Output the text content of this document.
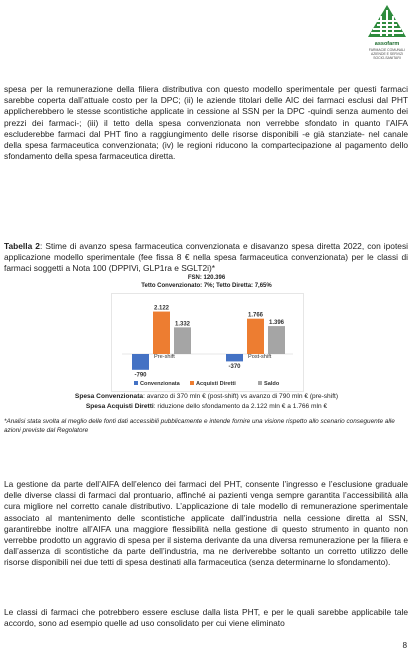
assofarm
FARMACIE COMUNALI
AZIENDE E SERVIZI
SOCIO-SANITARI

spesa per la remunerazione della filiera distributiva con questo modello sperimentale per questi farmaci sarebbe coperta dall’attuale costo per la DPC; (ii) le aziende titolari delle AIC dei farmaci esclusi dal PHT applicherebbero le stesse scontistiche applicate in cessione al SSN per la DPC -quindi senza aumento dei prezzi dei farmaci-; (iii) il tetto della spesa convenzionata non verrebbe sfondato in quanto l’AIFA escluderebbe farmaci dal PHT fino a raggiungimento delle risorse disponibili -e già stanziate- nel canale della spesa farmaceutica convenzionata; (iv) le regioni riducono la compartecipazione al pagamento dello sfondamento della spesa farmaceutica diretta.

Tabella 2: Stime di avanzo spesa farmaceutica convenzionata e disavanzo spesa diretta 2022, con ipotesi applicazione modello sperimentale (fee fissa 8 € nella spesa farmaceutica convenzionata) per le classi di farmaci soggetti a Nota 100 (DPPIVi, GLP1ra e SGLT2i)*

FSN: 120.396

Tetto Convenzionato: 7%; Tetto Diretta: 7,65%

-790
2.122
1.332
Pre-shift
-370
1.766
1.396
Post-shift
Convenzionata	Acquisti Diretti	Saldo

Spesa Convenzionata: avanzo di 370 mln € (post-shift) vs avanzo di 790 mln € (pre-shift)

Spesa Acquisti Diretti: riduzione dello sfondamento da 2.122 mln € a 1.766 mln €

*Analisi stata svolta al meglio delle fonti dati accessibili pubblicamente e intende fornire una visione rispetto allo scenario conseguente alle azioni previste dal Regolatore

La gestione da parte dell’AIFA dell’elenco dei farmaci del PHT, consente l’ingresso e l’esclusione graduale delle diverse classi di farmaci dal prontuario, affinché ai pazienti venga sempre garantita l’accessibilità alla cura migliore nel corretto canale distributivo. L’applicazione di tale modello di remunerazione sperimentale associato al mantenimento delle scontistiche applicate dall’industria nella cessione diretta al SSN, garantirebbe inoltre all’AIFA una maggiore flessibilità nella gestione di questo strumento in quanto non verrebbe prodotto un aggravio di spesa per il sistema derivante da una diversa remunerazione per la filiera e dall’assenza di scontistiche da parte dell’industria, ma ne deriverebbe soltanto un corretto utilizzo delle risorse disponibili nei due tetti di spesa destinati alla farmaceutica (senza determinarne lo sfondamento).

Le classi di farmaci che potrebbero essere escluse dalla lista PHT, e per le quali sarebbe applicabile tale accordo, sono ad esempio quelle ad uso consolidato per cui viene eliminato

8
